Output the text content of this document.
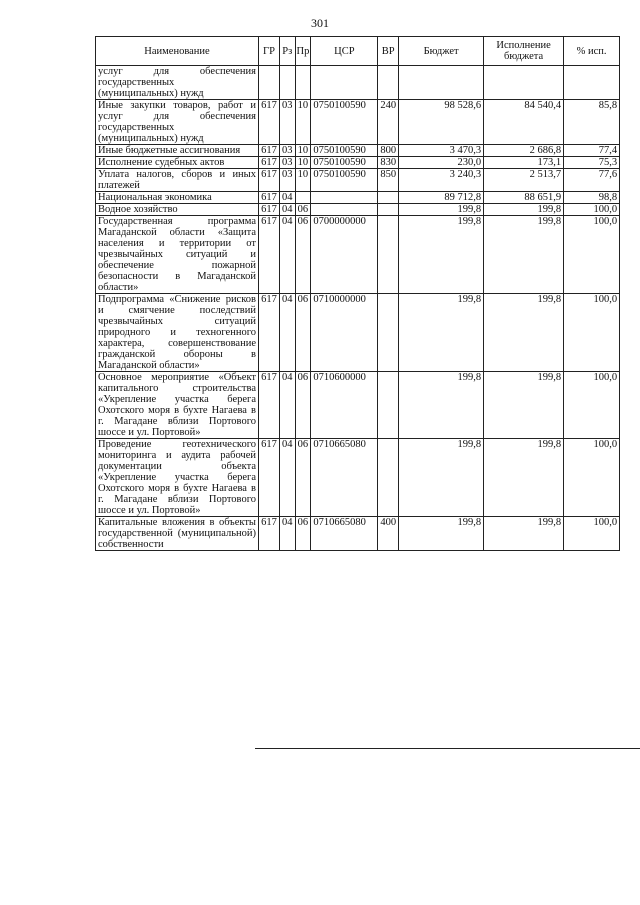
301
Наименование	ГР	Рз	Пр	ЦСР	ВР	Бюджет	Исполнение бюджета	% исп.
услуг для обеспечения государственных (муниципальных) нужд								
Иные закупки товаров, работ и услуг для обеспечения государственных (муниципальных) нужд	617	03	10	0750100590	240	98 528,6	84 540,4	85,8
Иные бюджетные ассигнования	617	03	10	0750100590	800	3 470,3	2 686,8	77,4
Исполнение судебных актов	617	03	10	0750100590	830	230,0	173,1	75,3
Уплата налогов, сборов и иных платежей	617	03	10	0750100590	850	3 240,3	2 513,7	77,6
Национальная экономика	617	04				89 712,8	88 651,9	98,8
Водное хозяйство	617	04	06			199,8	199,8	100,0
Государственная программа Магаданской области «Защита населения и территории от чрезвычайных ситуаций и обеспечение пожарной безопасности в Магаданской области»	617	04	06	0700000000		199,8	199,8	100,0
Подпрограмма «Снижение рисков и смягчение последствий чрезвычайных ситуаций природного и техногенного характера, совершенствование гражданской обороны в Магаданской области»	617	04	06	0710000000		199,8	199,8	100,0
Основное мероприятие «Объект капитального строительства «Укрепление участка берега Охотского моря в бухте Нагаева в г. Магадане вблизи Портового шоссе и ул. Портовой»	617	04	06	0710600000		199,8	199,8	100,0
Проведение геотехнического мониторинга и аудита рабочей документации объекта «Укрепление участка берега Охотского моря в бухте Нагаева в г. Магадане вблизи Портового шоссе и ул. Портовой»	617	04	06	0710665080		199,8	199,8	100,0
Капитальные вложения в объекты государственной (муниципальной) собственности	617	04	06	0710665080	400	199,8	199,8	100,0
